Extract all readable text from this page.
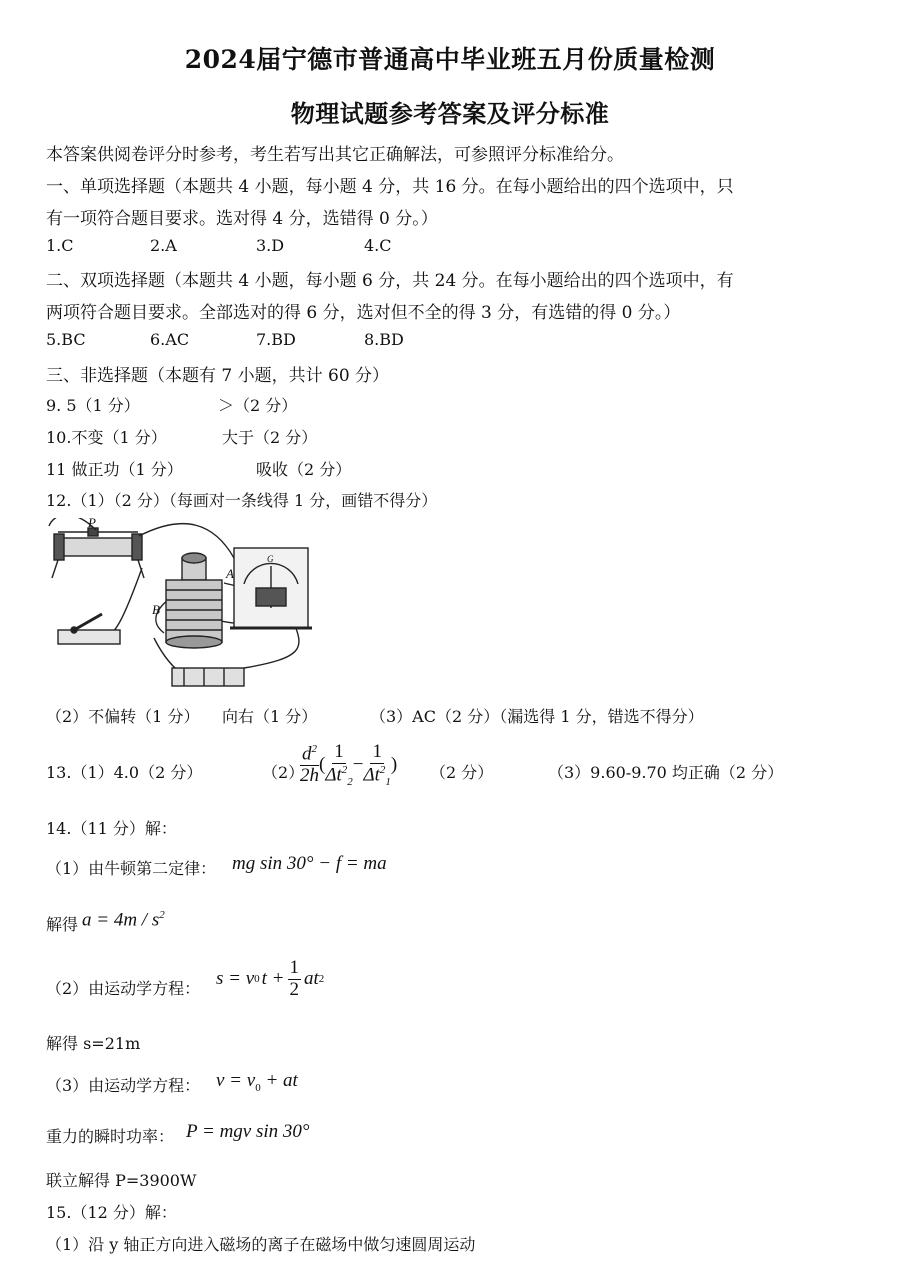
2024届宁德市普通高中毕业班五月份质量检测
物理试题参考答案及评分标准
本答案供阅卷评分时参考，考生若写出其它正确解法，可参照评分标准给分。
一、单项选择题（本题共 4 小题，每小题 4 分，共 16 分。在每小题给出的四个选项中，只
有一项符合题目要求。选对得 4 分，选错得 0 分。）
1.C	2.A	3.D	4.C
二、双项选择题（本题共 4 小题，每小题 6 分，共 24 分。在每小题给出的四个选项中，有
两项符合题目要求。全部选对的得 6 分，选对但不全的得 3 分，有选错的得 0 分。）
5.BC	6.AC	7.BD	8.BD
三、非选择题（本题有 7 小题，共计 60 分）
9. 5（1 分）	＞（2 分）
10.不变（1 分）	大于（2 分）
11 做正功（1 分）	吸收（2 分）
12.（1）（2 分）（每画对一条线得 1 分，画错不得分）
P
A
B
G
（2）不偏转（1 分） 向右（1 分）	（3）AC（2 分）（漏选得 1 分，错选不得分）
13.（1）4.0（2 分）	（2）
$\frac{d^2}{2h}$ ( $\frac{1}{\Delta t^2_2} - \frac{1}{\Delta t^2_1}$ ) （2 分）	（3）9.60-9.70 均正确（2 分）
14.（11 分）解：
（1）由牛顿第二定律： mg sin 30° − f = ma
解得 $a = 4m / s^2$
（2）由运动学方程： s = v 0 $t + \frac{1}{2}$ at 2
解得 s=21m
（3）由运动学方程： $v = v_0$ + at
重力的瞬时功率： P = mgv sin 30°
联立解得 P=3900W
15.（12 分）解：
（1）沿 y 轴正方向进入磁场的离子在磁场中做匀速圆周运动
